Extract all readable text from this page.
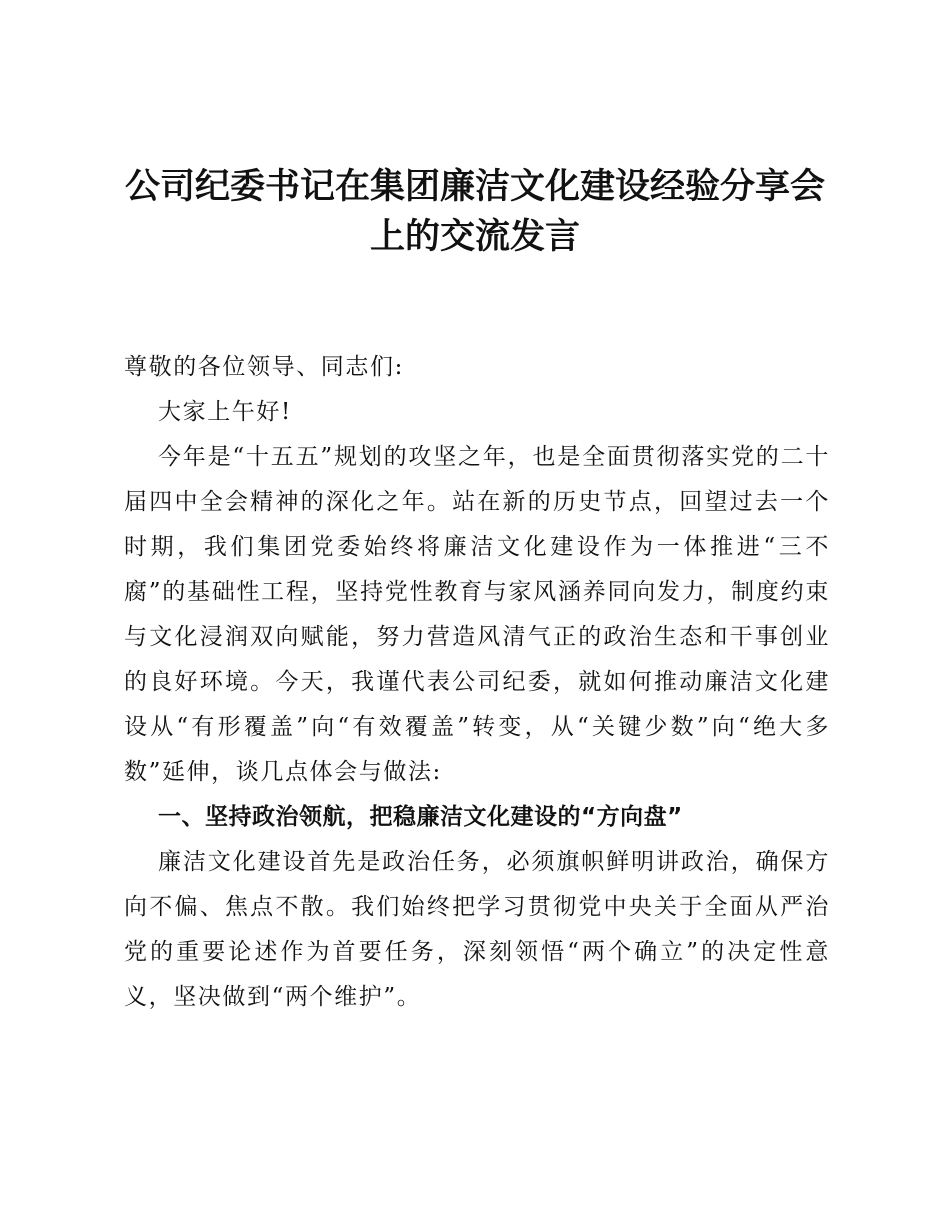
公司纪委书记在集团廉洁文化建设经验分享会上的交流发言

尊敬的各位领导、同志们:

大家上午好!

今年是“十五五”规划的攻坚之年，也是全面贯彻落实党的二十届四中全会精神的深化之年。站在新的历史节点，回望过去一个时期，我们集团党委始终将廉洁文化建设作为一体推进“三不腐”的基础性工程，坚持党性教育与家风涵养同向发力，制度约束与文化浸润双向赋能，努力营造风清气正的政治生态和干事创业的良好环境。今天，我谨代表公司纪委，就如何推动廉洁文化建设从“有形覆盖”向“有效覆盖”转变，从“关键少数”向“绝大多数”延伸，谈几点体会与做法:

一、坚持政治领航，把稳廉洁文化建设的“方向盘”

廉洁文化建设首先是政治任务，必须旗帜鲜明讲政治，确保方向不偏、焦点不散。我们始终把学习贯彻党中央关于全面从严治党的重要论述作为首要任务，深刻领悟“两个确立”的决定性意义，坚决做到“两个维护”。
